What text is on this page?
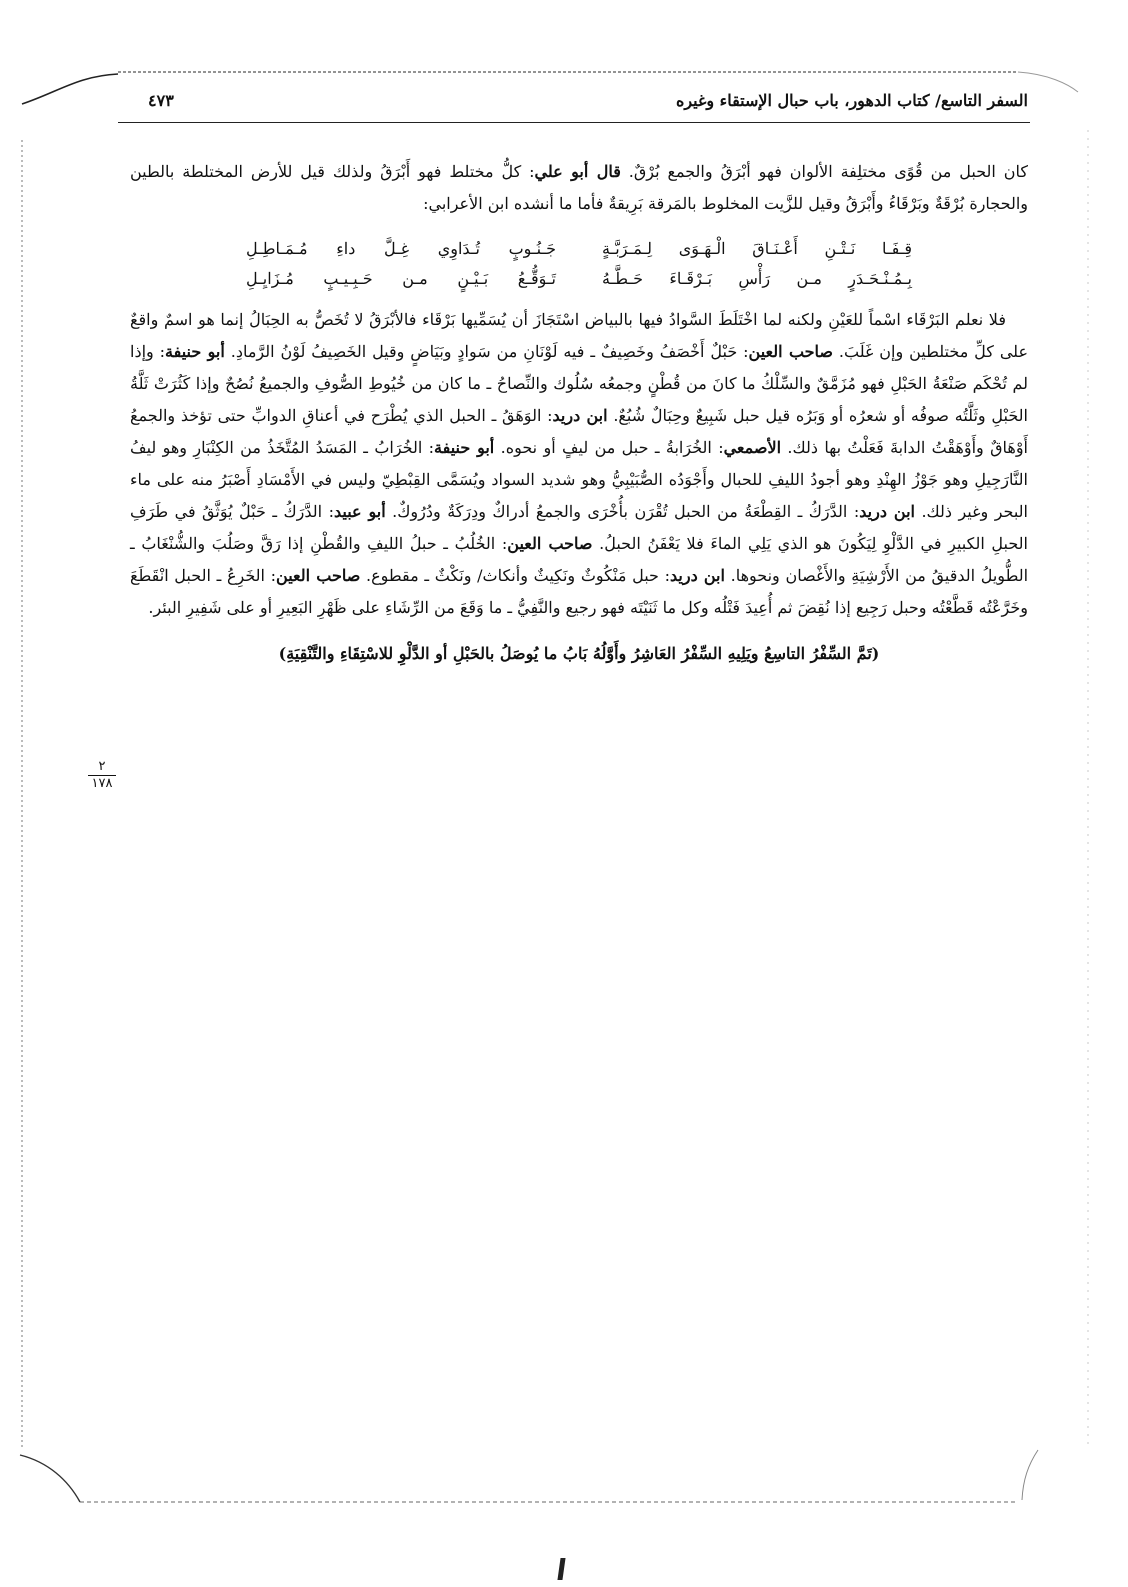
السفر التاسع/ كتاب الدهور، باب حبال الإستقاء وغيره
٤٧٣

كان الحبل من قُوًى مختلِفة الألوان فهو أبْرَقُ والجمع بُرْقٌ. قال أبو علي: كلُّ مختلط فهو أَبْرَقُ ولذلك قيل للأرض المختلطة بالطين والحجارة بُرْقَةٌ وبَرْقَاءُ وأَبْرَقُ وقيل للزَّيت المخلوط بالمَرقة بَرِيقةٌ فأما ما أنشده ابن الأعرابي:

قِـفَـا نَـتْـنِ أَعْـنَـاقَ الْـهَـوَى لِـمَـرَبَّـةٍ
جَـنُـوبٍ تُـدَاوِي غِـلَّ داءِ مُـمَـاطِـلِ
بِـمُـنْـحَـدَرٍ مـن رَأْسِ بَـرْقَـاءَ حَـطَّـهُ
تَـوَقُّـعُ بَـيْـنٍ مـن حَـبِـيـبٍ مُـزَايِـلِ

فلا نعلم البَرْقَاء اسْماً للعَيْنِ ولكنه لما اخْتَلَطَ السَّوادُ فيها بالبياض اسْتَجَازَ أن يُسَمِّيها بَرْقَاء فالأبْرَقُ لا تُخَصُّ به الحِبَالُ إنما هو اسمٌ واقعٌ على كلِّ مختلطين وإن غَلَبَ. صاحب العين: حَبْلٌ أَخْصَفُ وخَصِيفٌ ـ فيه لَوْنَانِ من سَوادٍ وبَيَاضٍ وقيل الخَصِيفُ لَوْنُ الرَّمادِ. أبو حنيفة: وإذا لم تُحْكَم صَنْعَةُ الحَبْلِ فهو مُزَمَّقٌ والسِّلْكُ ما كانَ من قُطْنٍ وجمعُه سُلُوك والنِّصاحُ ـ ما كان من خُيُوطِ الصُّوفِ والجميعُ نُصُحٌ وإذا كَثُرَتْ ثَلَّةُ الحَبْلِ وثَلَّتُه صوفُه أو شعرُه أو وَبَرُه قيل حبل شَبِيعٌ وحِبَالٌ شُبُعٌ. ابن دريد: الوَهَقُ ـ الحبل الذي يُطْرَح في أعناقِ الدوابِّ حتى تؤخذ والجمعُ أَوْهَاقٌ وأَوْهَقْتُ الدابةَ فَعَلْتُ بها ذلك. الأصمعي: الخُرَابةُ ـ حبل من ليفٍ أو نحوه. أبو حنيفة: الخُرَابُ ـ المَسَدُ المُتَّخَذُ من الكِنْبَارِ وهو ليفُ النَّارَجِيلِ وهو جَوْزُ الهِنْدِ وهو أجودُ الليفِ للحبال وأَجْوَدُه الصُّبَيْبِيُّ وهو شديد السواد ويُسَمَّى القِبْطِيّ وليس في الأَمْسَادِ أَصْبَرُ منه على ماء البحر وغير ذلك. ابن دريد: الدَّرَكُ ـ القِطْعَةُ من الحبل تُقْرَن بأُخْرَى والجمعُ أدراكٌ ودِرَكَةٌ ودُرُوكٌ. أبو عبيد: الدَّرَكُ ـ حَبْلٌ يُوَثَّقُ في طَرَفِ الحبلِ الكبيرِ في الدَّلْوِ لِيَكُونَ هو الذي يَلِي الماءَ فلا يَعْفَنُ الحبلُ. صاحب العين: الخُلُبُ ـ حبلُ الليفِ والقُطْنِ إذا رَقَّ وصَلُبَ والشُّنْغَابُ ـ الطُّويلُ الدقيقُ من الأَرْشِيَةِ والأَغْصان ونحوها. ابن دريد: حبل مَنْكُوثٌ ونَكِيثٌ وأنكاث/ ونَكْثٌ ـ مقطوع. صاحب العين: الخَرِعُ ـ الحبل انْقَطَعَ وخَرَّعْتُه قَطَّعْتُه وحبل رَجِيع إذا نُقِضَ ثم أُعِيدَ فَتْلُه وكل ما ثَنَيْتَه فهو رجيع والنَّفِيُّ ـ ما وَقَعَ من الرِّشَاءِ على ظَهْرِ البَعِيرِ أو على شَفِيرِ البئر.

(تَمَّ السِّفْرُ التاسِعُ ويَلِيهِ السِّفْرُ العَاشِرُ وأَوَّلُهُ بَابُ ما يُوصَلُ بالحَبْلِ أو الدَّلْوِ للاسْتِقَاءِ والتَّنْقِيَةِ)
٢
١٧٨
